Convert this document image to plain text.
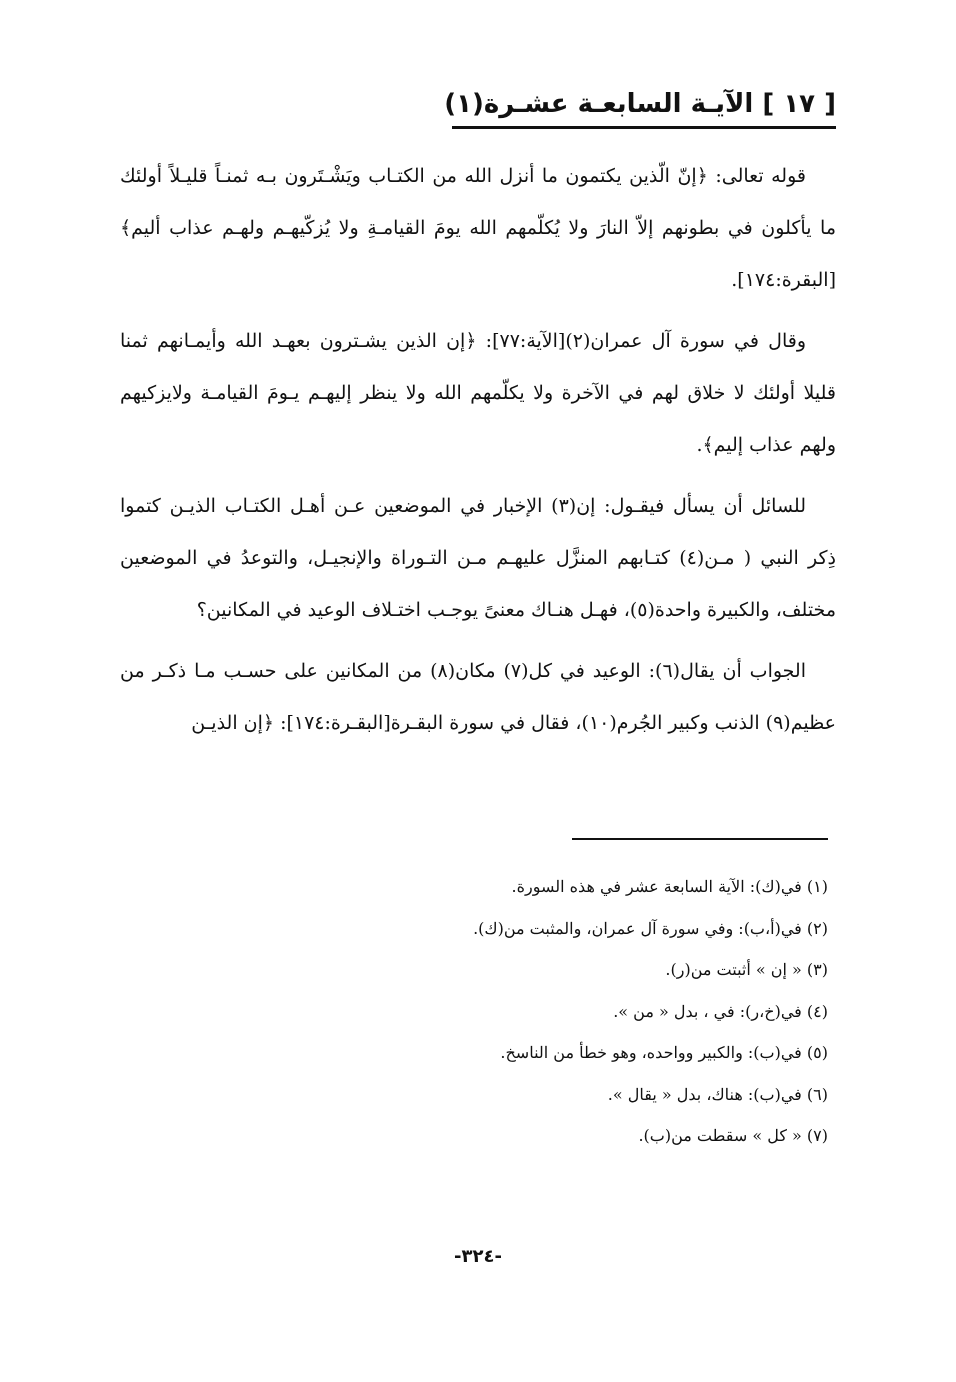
[ ١٧ ] الآيـة السابعـة عشـرة(١)

قوله تعالى: ﴿إنّ الّذين يكتمون ما أنزل الله من الكتـاب ويَشْـتَرون بـه ثمنـاً قليـلاً أولئك ما يأكلون في بطونهم إلاّ النارَ ولا يُكلّمهم الله يومَ القيامـةِ ولا يُزكّيهـم ولهـم عذاب أليم﴾[البقرة:١٧٤].

وقال في سورة آل عمران(٢)[الآية:٧٧]: ﴿إن الذين يشـترون بعهـد الله وأيمـانهم ثمنا قليلا أولئك لا خلاق لهم في الآخرة ولا يكلّمهم الله ولا ينظر إليهـم يـومَ القيامـة ولايزكيهم ولهم عذاب إليم﴾.

للسائل أن يسأل فيقـول: إن(٣) الإخبار في الموضعين عـن أهـل الكتـاب الذيـن كتموا ذِكر النبي ( مـن(٤) كتـابهم المنزَّل عليهـم مـن التـوراة والإنجيـل، والتوعدُ في الموضعين مختلف، والكبيرة واحدة(٥)، فهـل هنـاك معنىً يوجـب اختـلاف الوعيد في المكانين؟

الجواب أن يقال(٦): الوعيد في كل(٧) مكان(٨) من المكانين على حسـب مـا ذكـر من عظيم(٩) الذنب وكبير الجُرم(١٠)، فقال في سورة البقـرة[البقـرة:١٧٤]: ﴿إن الذيـن

(١) في(ك): الآية السابعة عشر في هذه السورة.
(٢) في(أ،ب): وفي سورة آل عمران، والمثبت من(ك).
(٣) « إن » أثبتت من(ر).
(٤) في(خ،ر): في ، بدل « من ».
(٥) في(ب): والكبير وواحده، وهو خطأ من الناسخ.
(٦) في(ب): هناك، بدل « يقال ».
(٧) « كل » سقطت من(ب).
-٣٢٤-
